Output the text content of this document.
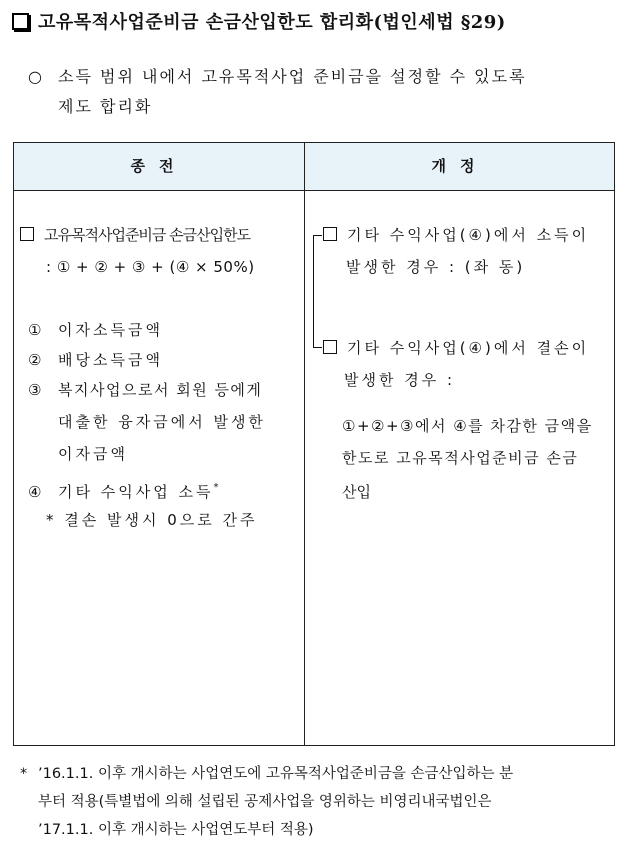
고유목적사업준비금 손금산입한도 합리화(법인세법 §29)
○	소득 범위 내에서 고유목적사업 준비금을 설정할 수 있도록
제도 합리화
종전	개정
고유목적사업준비금 손금산입한도
: ① + ② + ③ + (④ × 50%)
① 이자소득금액
② 배당소득금액
③ 복지사업으로서 회원 등에게
대출한 융자금에서 발생한
이자금액
④ 기타 수익사업 소득*
* 결손 발생시 0으로 간주
기타 수익사업(④)에서 소득이
발생한 경우 : (좌 동)
기타 수익사업(④)에서 결손이
발생한 경우 :
①+②+③에서 ④를 차감한 금액을
한도로 고유목적사업준비금 손금
산입
* ’16.1.1. 이후 개시하는 사업연도에 고유목적사업준비금을 손금산입하는 분
부터 적용(특별법에 의해 설립된 공제사업을 영위하는 비영리내국법인은
’17.1.1. 이후 개시하는 사업연도부터 적용)
